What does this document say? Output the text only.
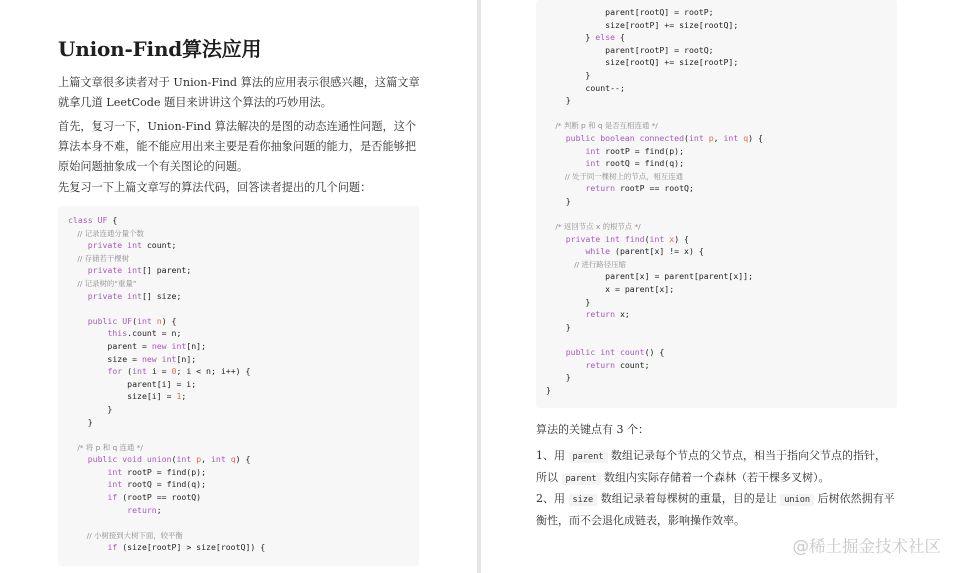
Union-Find算法应用

上篇文章很多读者对于 Union-Find 算法的应用表示很感兴趣，这篇文章就拿几道 LeetCode 题目来讲讲这个算法的巧妙用法。

首先，复习一下，Union-Find 算法解决的是图的动态连通性问题，这个算法本身不难，能不能应用出来主要是看你抽象问题的能力，是否能够把原始问题抽象成一个有关图论的问题。

先复习一下上篇文章写的算法代码，回答读者提出的几个问题：

class UF {
// 记录连通分量个数
private int count;
// 存储若干棵树
private int[] parent;
// 记录树的“重量”
private int[] size;
public UF(int n) {
this.count = n;
parent = new int[n];
size = new int[n];
for (int i = 0; i < n; i++) {
parent[i] = i;
size[i] = 1;
}
}
/* 将 p 和 q 连通 */
public void union(int p, int q) {
int rootP = find(p);
int rootQ = find(q);
if (rootP == rootQ)
return;
// 小树接到大树下面，较平衡
if (size[rootP] > size[rootQ]) {
parent[rootQ] = rootP;
size[rootP] += size[rootQ];
} else {
parent[rootP] = rootQ;
size[rootQ] += size[rootP];
}
count--;
}
/* 判断 p 和 q 是否互相连通 */
public boolean connected(int p, int q) {
int rootP = find(p);
int rootQ = find(q);
// 处于同一棵树上的节点，相互连通
return rootP == rootQ;
}
/* 返回节点 x 的根节点 */
private int find(int x) {
while (parent[x] != x) {
// 进行路径压缩
parent[x] = parent[parent[x]];
x = parent[x];
}
return x;
}
public int count() {
return count;
}
}

算法的关键点有 3 个：

1、用 parent 数组记录每个节点的父节点，相当于指向父节点的指针，所以 parent 数组内实际存储着一个森林（若干棵多叉树）。

2、用 size 数组记录着每棵树的重量，目的是让 union 后树依然拥有平衡性，而不会退化成链表，影响操作效率。

@稀土掘金技术社区
